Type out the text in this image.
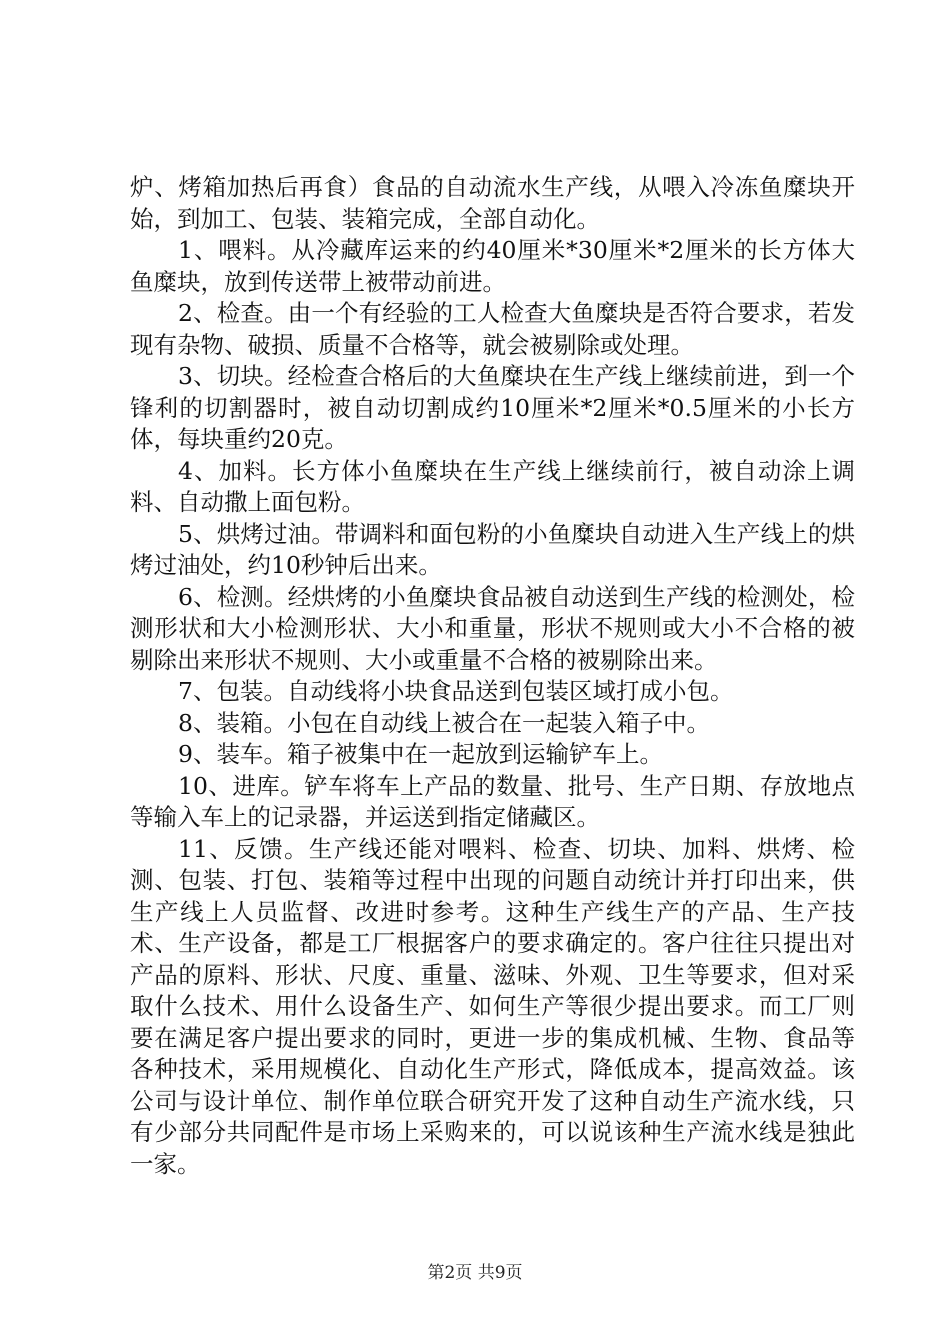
炉、烤箱加热后再食）食品的自动流水生产线，从喂入冷冻鱼糜块开始，到加工、包装、装箱完成，全部自动化。

1、喂料。从冷藏库运来的约40厘米*30厘米*2厘米的长方体大鱼糜块，放到传送带上被带动前进。

2、检查。由一个有经验的工人检查大鱼糜块是否符合要求，若发现有杂物、破损、质量不合格等，就会被剔除或处理。

3、切块。经检查合格后的大鱼糜块在生产线上继续前进，到一个锋利的切割器时，被自动切割成约10厘米*2厘米*0.5厘米的小长方体，每块重约20克。

4、加料。长方体小鱼糜块在生产线上继续前行，被自动涂上调料、自动撒上面包粉。

5、烘烤过油。带调料和面包粉的小鱼糜块自动进入生产线上的烘烤过油处，约10秒钟后出来。

6、检测。经烘烤的小鱼糜块食品被自动送到生产线的检测处，检测形状和大小检测形状、大小和重量，形状不规则或大小不合格的被剔除出来形状不规则、大小或重量不合格的被剔除出来。

7、包装。自动线将小块食品送到包装区域打成小包。

8、装箱。小包在自动线上被合在一起装入箱子中。

9、装车。箱子被集中在一起放到运输铲车上。

10、进库。铲车将车上产品的数量、批号、生产日期、存放地点等输入车上的记录器，并运送到指定储藏区。

11、反馈。生产线还能对喂料、检查、切块、加料、烘烤、检测、包装、打包、装箱等过程中出现的问题自动统计并打印出来，供生产线上人员监督、改进时参考。这种生产线生产的产品、生产技术、生产设备，都是工厂根据客户的要求确定的。客户往往只提出对产品的原料、形状、尺度、重量、滋味、外观、卫生等要求，但对采取什么技术、用什么设备生产、如何生产等很少提出要求。而工厂则要在满足客户提出要求的同时，更进一步的集成机械、生物、食品等各种技术，采用规模化、自动化生产形式，降低成本，提高效益。该公司与设计单位、制作单位联合研究开发了这种自动生产流水线，只有少部分共同配件是市场上采购来的，可以说该种生产流水线是独此一家。

第2页 共9页
